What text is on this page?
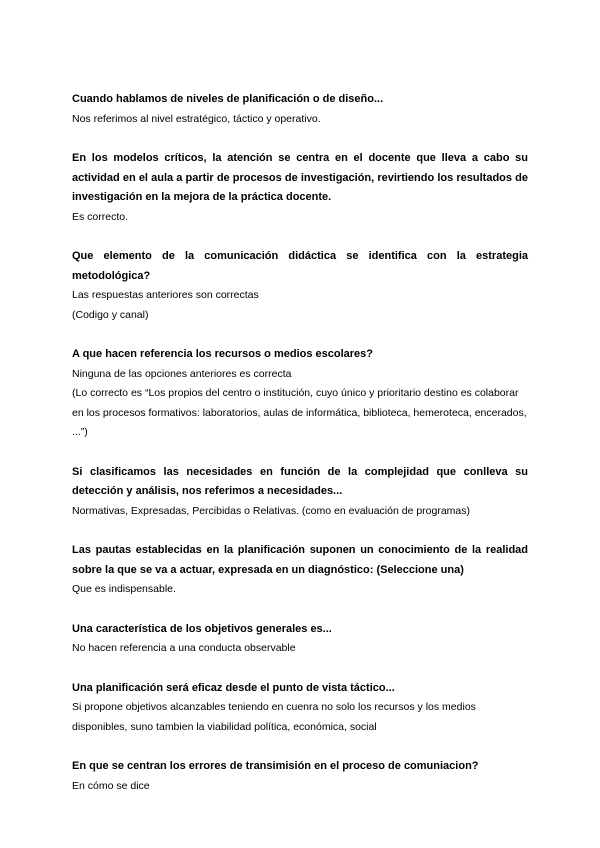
Cuando hablamos de niveles de planificación o de diseño...

Nos referimos al nivel estratégico, táctico y operativo.

En los modelos críticos, la atención se centra en el docente que lleva a cabo su actividad en el aula a partir de procesos de investigación, revirtiendo los resultados de investigación en la mejora de la práctica docente.

Es correcto.

Que elemento de la comunicación didáctica se identifica con la estrategia metodológica?

Las respuestas anteriores son correctas

(Codigo y canal)

A que hacen referencia los recursos o medios escolares?

Ninguna de las opciones anteriores es correcta

(Lo correcto es “Los propios del centro o institución, cuyo único y prioritario destino es colaborar en los procesos formativos: laboratorios, aulas de informática, biblioteca, hemeroteca, encerados, ...”)

Si clasificamos las necesidades en función de la complejidad que conlleva su detección y análisis, nos referimos a necesidades...

Normativas, Expresadas, Percibidas o Relativas. (como en evaluación de programas)

Las pautas establecidas en la planificación suponen un conocimiento de la realidad sobre la que se va a actuar, expresada en un diagnóstico: (Seleccione una)

Que es indispensable.

Una característica de los objetivos generales es...

No hacen referencia a una conducta observable

Una planificación será eficaz desde el punto de vista táctico...

Si propone objetivos alcanzables teniendo en cuenra no solo los recursos y los medios disponibles, suno tambien la viabilidad política, económica, social

En que se centran los errores de transimisión en el proceso de comuniacion?

En cómo se dice
